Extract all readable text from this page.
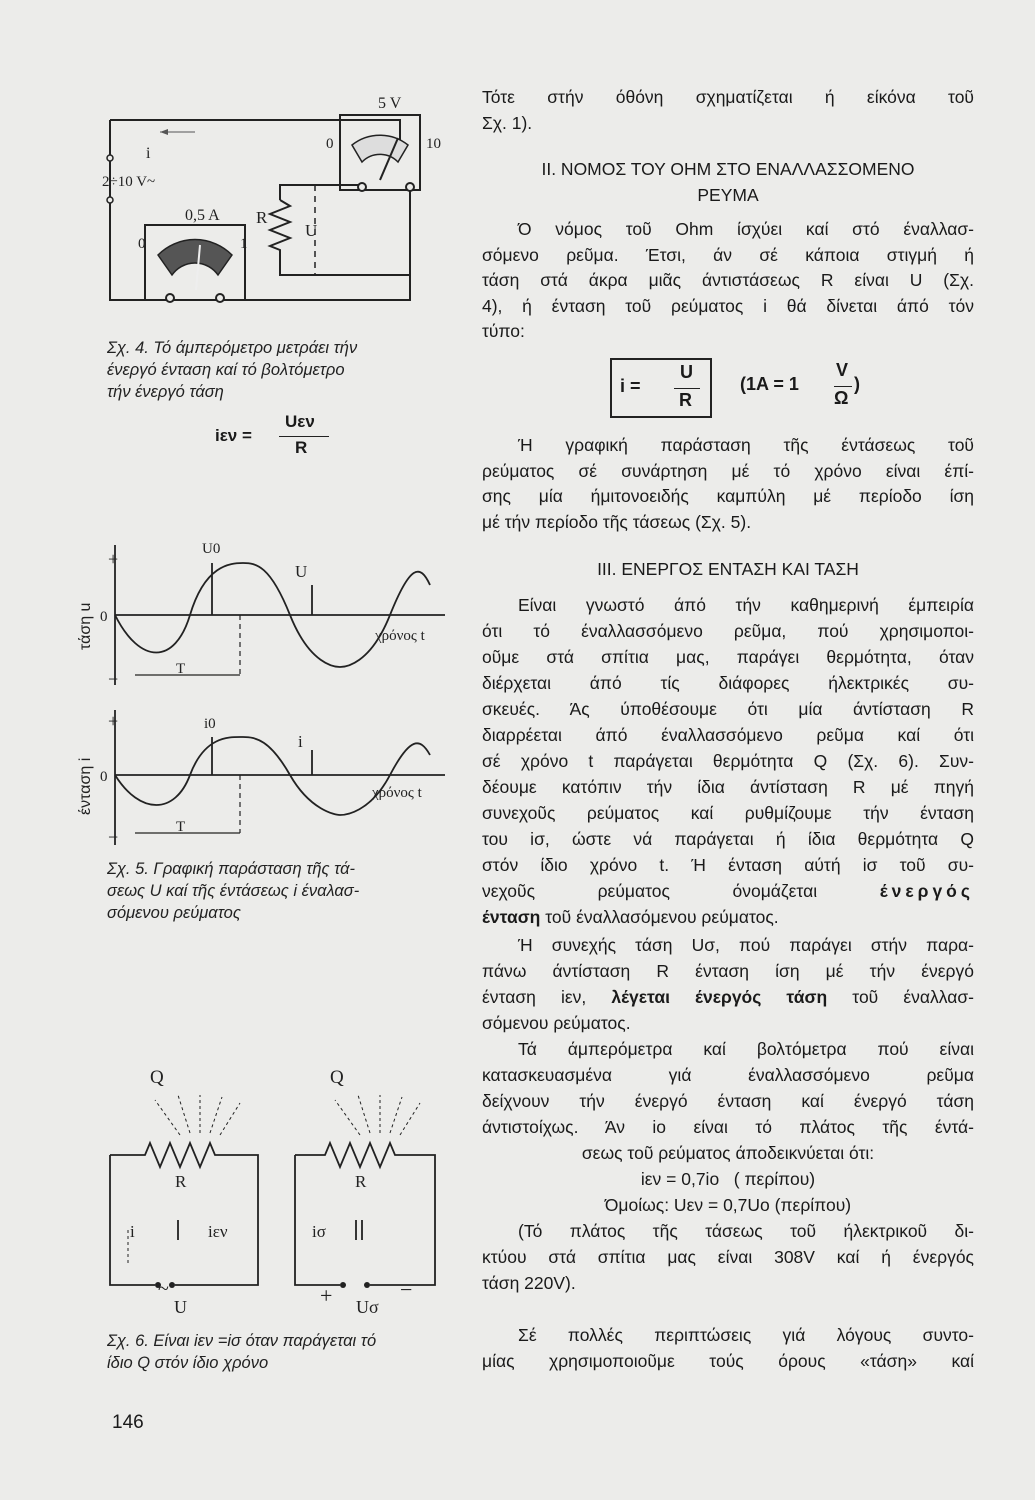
5 V
0	10
i
2÷10 V~
0,5 A
0	1
R
U
Σχ. 4. Τό άμπερόμετρο μετράει τήν
ένεργό ένταση καί τό βολτόμετρο
τήν ένεργό τάση
iεν =
Uεν
R
τάση u
+
0
−
U0
U
χρόνος t
T
ένταση i
+
0
−
i0
i
χρόνος t
T
Σχ. 5. Γραφική παράσταση τῆς τά-
σεως U καί τῆς έντάσεως i έναλασ-
σόμενου ρεύματος
Q	Q
R	R
i	iεν
~
U
iσ
+	−
Uσ
Σχ. 6. Είναι iεν =iσ όταν παράγεται τό
ίδιο Q στόν ίδιο χρόνο
146
Τότε στήν όθόνη σχηματίζεται ή είκόνα τοῦ
Σχ. 1).
II. ΝΟΜΟΣ ΤΟΥ ΟΗΜ ΣΤΟ ΕΝΑΛΛΑΣΣΟΜΕΝΟ
ΡΕΥΜΑ
Ό νόμος τοῦ Ohm ίσχύει καί στό έναλλασ-
σόμενο ρεῦμα. Έτσι, άν σέ κάποια στιγμή ή
τάση στά άκρα μιᾶς άντιστάσεως R είναι U (Σχ.
4), ή ένταση τοῦ ρεύματος i θά δίνεται άπό τόν
τύπο:
i =
U
R
(1A = 1
V
Ω
)
Ή γραφική παράσταση τῆς έντάσεως τοῦ
ρεύματος σέ συνάρτηση μέ τό χρόνο είναι έπί-
σης μία ήμιτονοειδής καμπύλη μέ περίοδο ίση
μέ τήν περίοδο τῆς τάσεως (Σχ. 5).
III. ΕΝΕΡΓΟΣ ΕΝΤΑΣΗ ΚΑΙ ΤΑΣΗ
Είναι γνωστό άπό τήν καθημερινή έμπειρία
ότι τό έναλλασσόμενο ρεῦμα, πού χρησιμοποι-
οῦμε στά σπίτια μας, παράγει θερμότητα, όταν
διέρχεται άπό τίς διάφορες ήλεκτρικές συ-
σκευές. Άς ύποθέσουμε ότι μία άντίσταση R
διαρρέεται άπό έναλλασσόμενο ρεῦμα καί ότι
σέ χρόνο t παράγεται θερμότητα Q (Σχ. 6). Συν-
δέουμε κατόπιν τήν ίδια άντίσταση R μέ πηγή
συνεχοῦς ρεύματος καί ρυθμίζουμε τήν ένταση
του iσ, ώστε νά παράγεται ή ίδια θερμότητα Q
στόν ίδιο χρόνο t. Ή ένταση αύτή iσ τοῦ συ-
νεχοῦς ρεύματος όνομάζεται	ένεργός
ένταση τοῦ έναλλασόμενου ρεύματος.
Ή συνεχής τάση Uσ, πού παράγει στήν παρα-
πάνω άντίσταση R ένταση ίση μέ τήν ένεργό
ένταση iεν, λέγεται ένεργός τάση τοῦ έναλλασ-
σόμενου ρεύματος.
Τά άμπερόμετρα καί βολτόμετρα πού είναι
κατασκευασμένα γιά έναλλασσόμενο ρεῦμα
δείχνουν τήν ένεργό ένταση καί ένεργό τάση
άντιστοίχως. Άν io είναι τό πλάτος τῆς έντά-
σεως τοῦ ρεύματος άποδεικνύεται ότι:
iεν = 0,7io   ( περίπου)
Όμοίως: Uεν = 0,7Uo (περίπου)
(Τό πλάτος τῆς τάσεως τοῦ ήλεκτρικοῦ δι-
κτύου στά σπίτια μας είναι 308V καί ή ένεργός
τάση 220V).
Σέ πολλές περιπτώσεις γιά λόγους συντο-
μίας χρησιμοποιοῦμε τούς όρους «τάση» καί
